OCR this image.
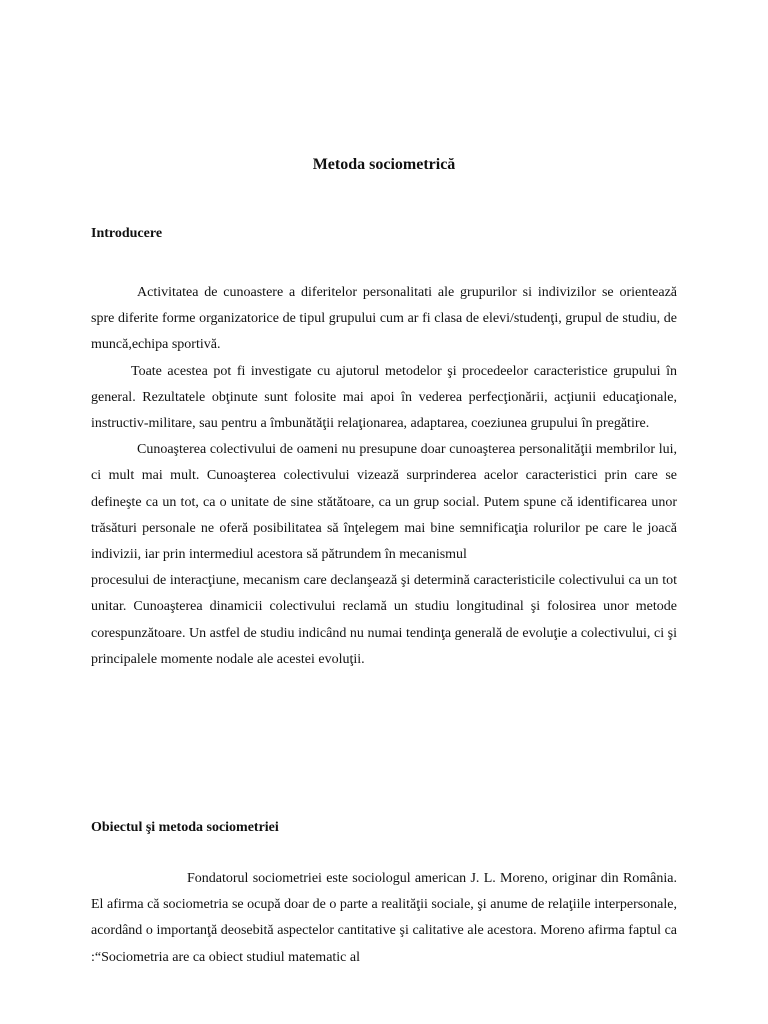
Metoda sociometrică
Introducere

Activitatea de cunoastere a diferitelor personalitati ale grupurilor si indivizilor se orientează spre diferite forme organizatorice de tipul grupului cum ar fi clasa de elevi/studenţi, grupul de studiu, de muncă,echipa sportivă.

Toate acestea pot fi investigate cu ajutorul metodelor şi procedeelor caracteristice grupului în general. Rezultatele obţinute sunt folosite mai apoi în vederea perfecţionării, acţiunii educaţionale, instructiv-militare, sau pentru a îmbunătăţii relaţionarea, adaptarea, coeziunea grupului în pregătire.

Cunoaşterea colectivului de oameni nu presupune doar cunoaşterea personalităţii membrilor lui, ci mult mai mult. Cunoaşterea colectivului vizează surprinderea acelor caracteristici prin care se defineşte ca un tot, ca o unitate de sine stătătoare, ca un grup social. Putem spune că identificarea unor trăsături personale ne oferă posibilitatea să înţelegem mai bine semnificaţia rolurilor pe care le joacă indivizii, iar prin intermediul acestora să pătrundem în mecanismul

procesului de interacţiune, mecanism care declanşează şi determină caracteristicile colectivului ca un tot unitar. Cunoaşterea dinamicii colectivului reclamă un studiu longitudinal şi folosirea unor metode corespunzătoare. Un astfel de studiu indicând nu numai tendinţa generală de evoluţie a colectivului, ci şi principalele momente nodale ale acestei evoluţii.

Obiectul şi metoda sociometriei

Fondatorul sociometriei este sociologul american J. L. Moreno, originar din România. El afirma că sociometria se ocupă doar de o parte a realităţii sociale, şi anume de relaţiile interpersonale, acordând o importanţă deosebită aspectelor cantitative şi calitative ale acestora. Moreno afirma faptul ca :“Sociometria are ca obiect studiul matematic al
